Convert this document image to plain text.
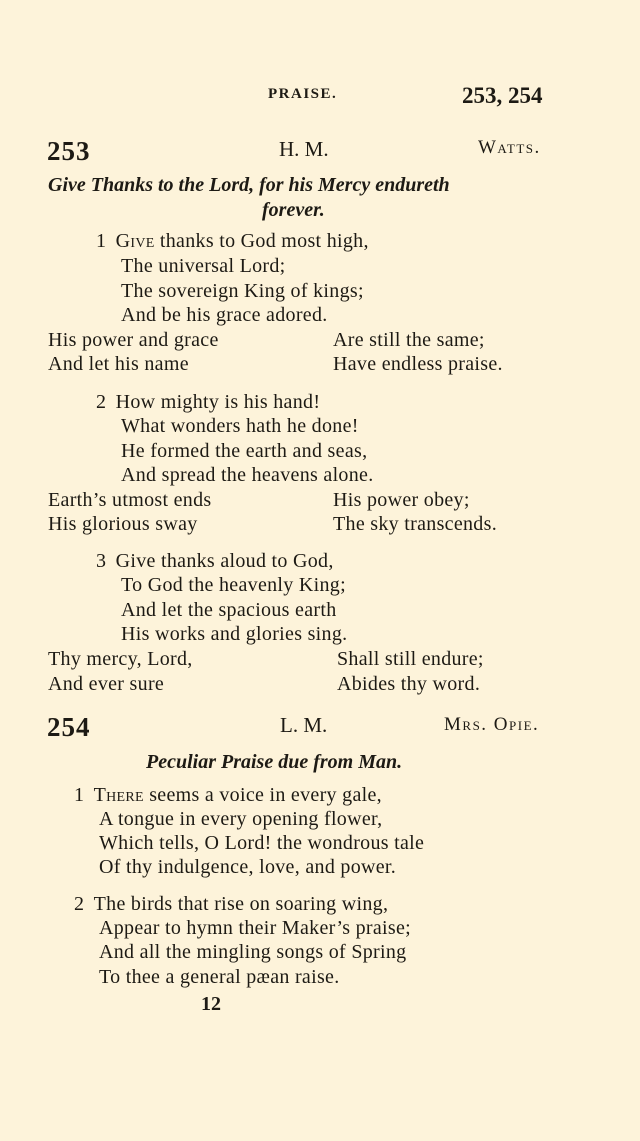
PRAISE.	253, 254
253	H. M.	Watts.
Give Thanks to the Lord, for his Mercy endureth
forever.
1 Give thanks to God most high,
The universal Lord;
The sovereign King of kings;
And be his grace adored.
His power and grace	Are still the same;
And let his name	Have endless praise.
2 How mighty is his hand!
What wonders hath he done!
He formed the earth and seas,
And spread the heavens alone.
Earth’s utmost ends	His power obey;
His glorious sway	The sky transcends.
3 Give thanks aloud to God,
To God the heavenly King;
And let the spacious earth
His works and glories sing.
Thy mercy, Lord,	Shall still endure;
And ever sure	Abides thy word.
254	L. M.	Mrs. Opie.
Peculiar Praise due from Man.
1 There seems a voice in every gale,
A tongue in every opening flower,
Which tells, O Lord! the wondrous tale
Of thy indulgence, love, and power.
2 The birds that rise on soaring wing,
Appear to hymn their Maker’s praise;
And all the mingling songs of Spring
To thee a general pæan raise.
12
